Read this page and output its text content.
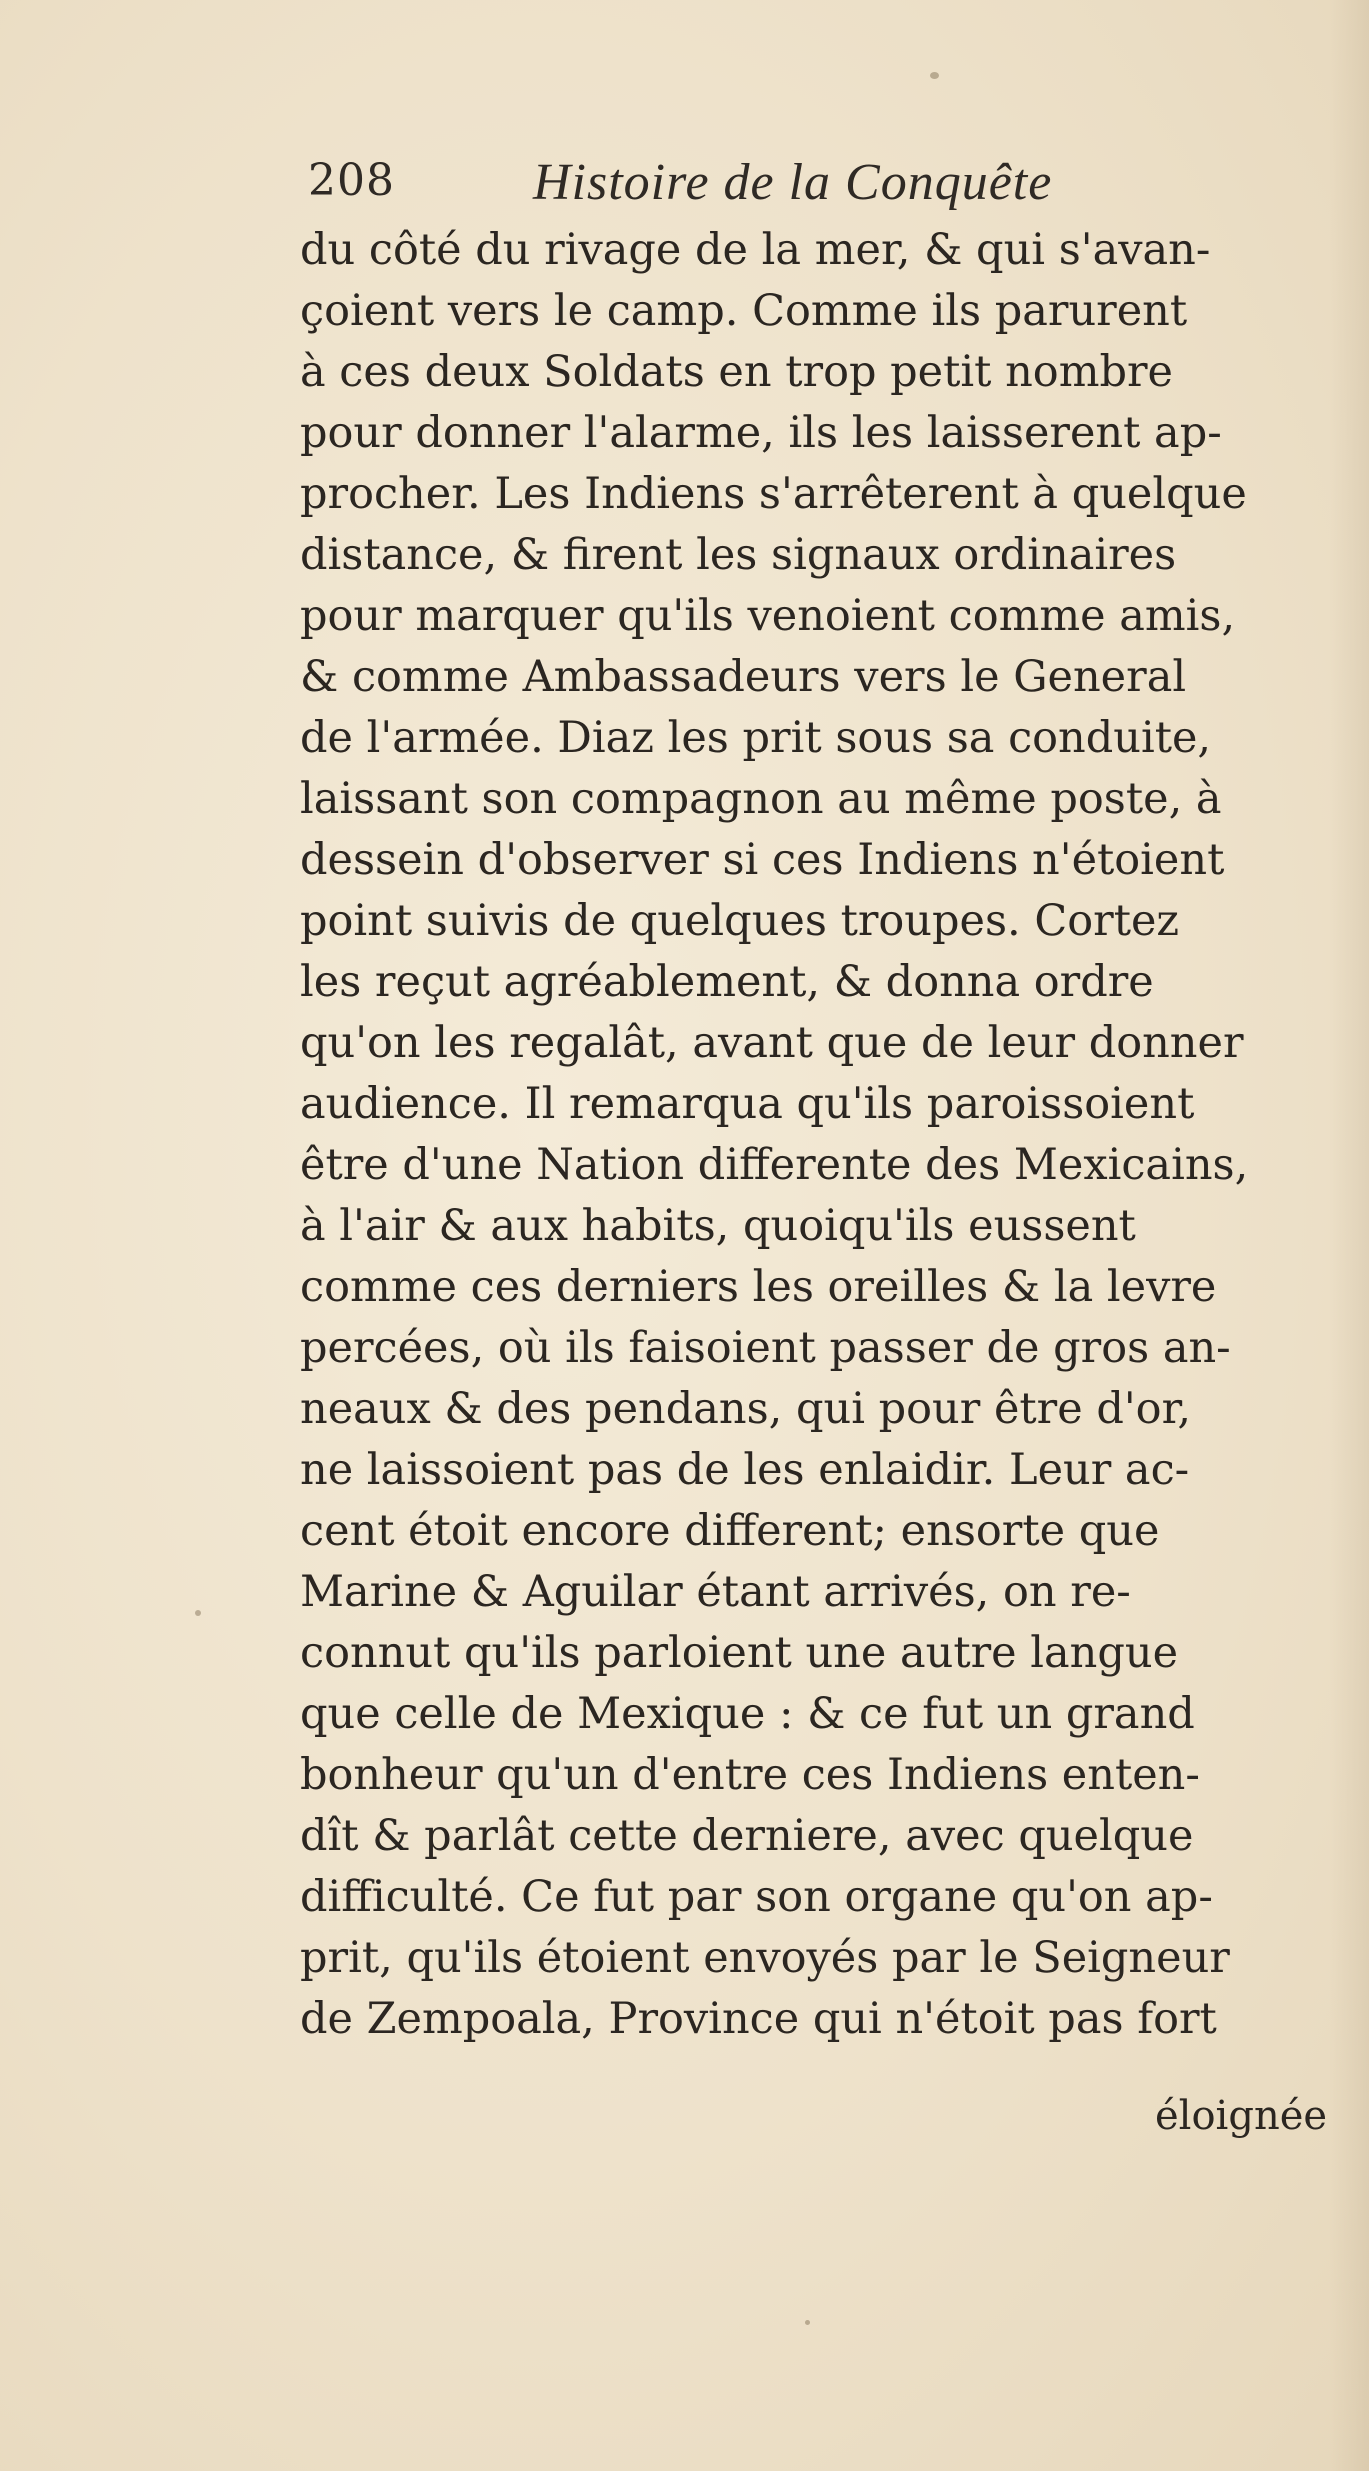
208	Histoire de la Conquête
du côté du rivage de la mer, & qui s'avan-
çoient vers le camp. Comme ils parurent
à ces deux Soldats en trop petit nombre
pour donner l'alarme, ils les laisserent ap-
procher. Les Indiens s'arrêterent à quelque
distance, & firent les signaux ordinaires
pour marquer qu'ils venoient comme amis,
& comme Ambassadeurs vers le General
de l'armée. Diaz les prit sous sa conduite,
laissant son compagnon au même poste, à
dessein d'observer si ces Indiens n'étoient
point suivis de quelques troupes. Cortez
les reçut agréablement, & donna ordre
qu'on les regalât, avant que de leur donner
audience. Il remarqua qu'ils paroissoient
être d'une Nation differente des Mexicains,
à l'air & aux habits, quoiqu'ils eussent
comme ces derniers les oreilles & la levre
percées, où ils faisoient passer de gros an-
neaux & des pendans, qui pour être d'or,
ne laissoient pas de les enlaidir. Leur ac-
cent étoit encore different; ensorte que
Marine & Aguilar étant arrivés, on re-
connut qu'ils parloient une autre langue
que celle de Mexique : & ce fut un grand
bonheur qu'un d'entre ces Indiens enten-
dît & parlât cette derniere, avec quelque
difficulté. Ce fut par son organe qu'on ap-
prit, qu'ils étoient envoyés par le Seigneur
de Zempoala, Province qui n'étoit pas fort
éloignée
